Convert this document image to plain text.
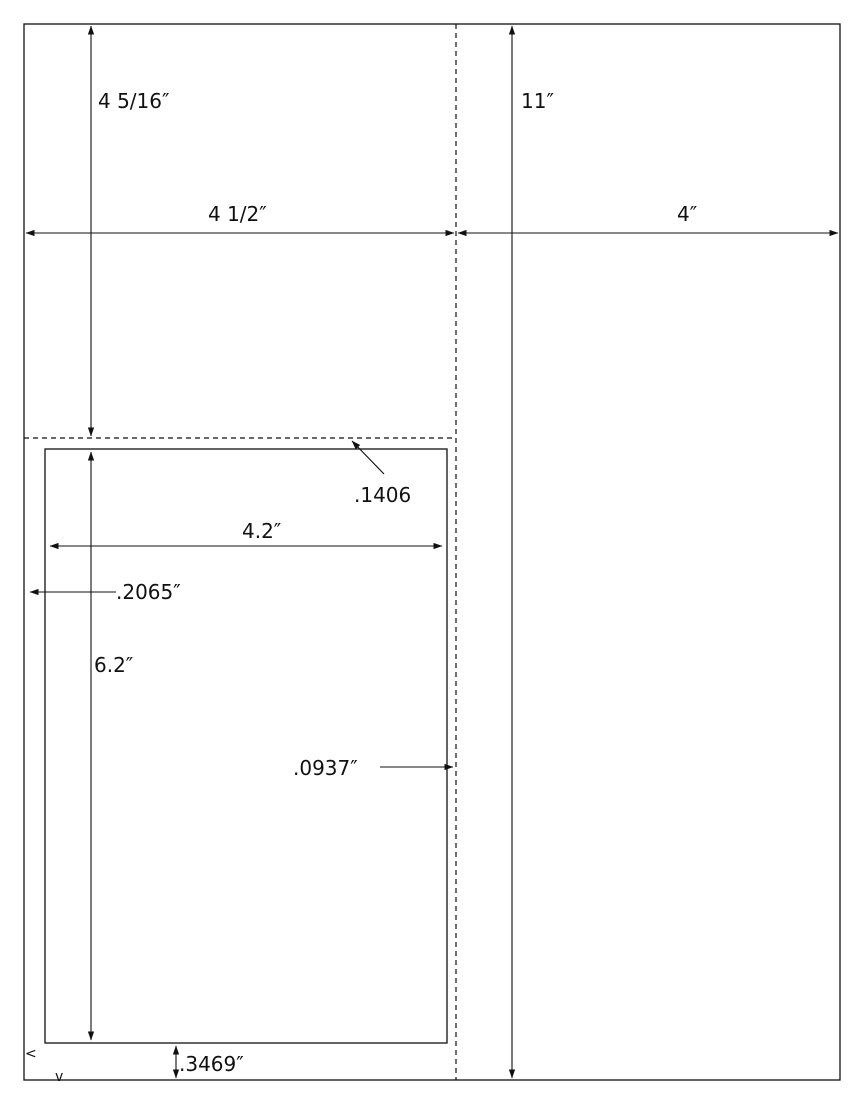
4 5/16″	11″
4 1/2″	4″
.1406
4.2″
.2065″
6.2″
.0937″
.3469″
<
v
